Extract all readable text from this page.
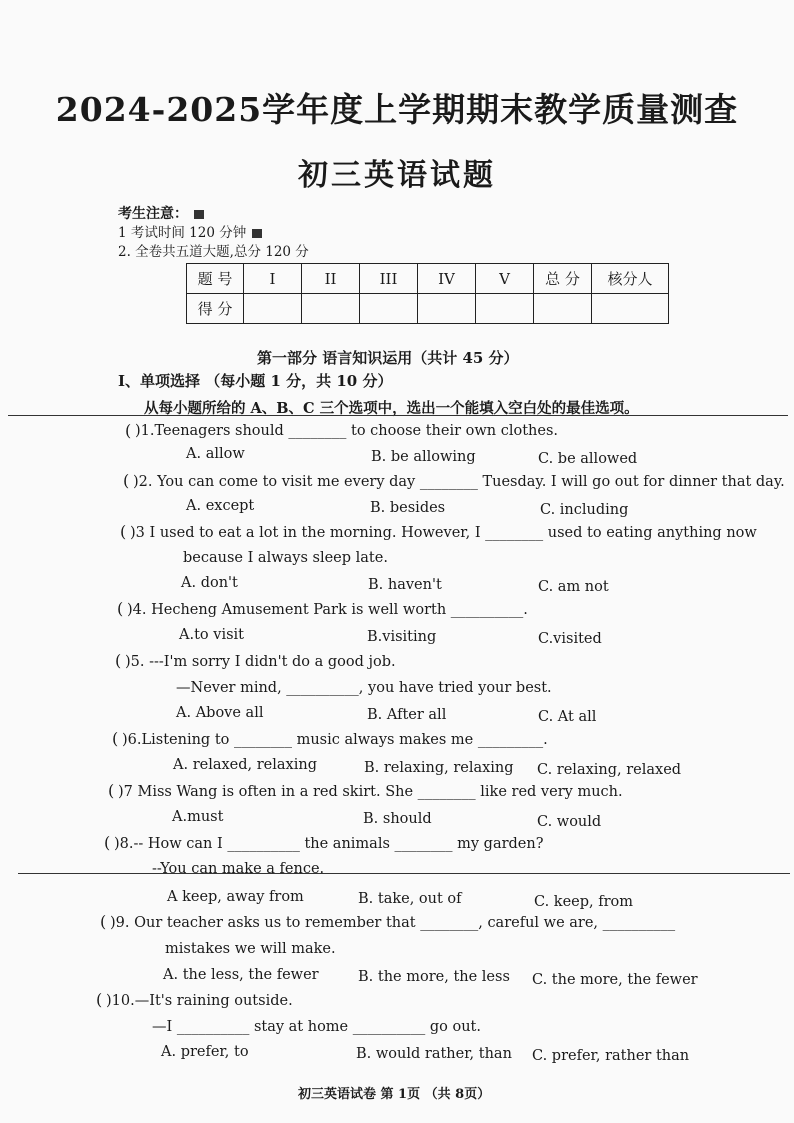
2024-2025学年度上学期期末教学质量测查
初三英语试题
考生注意：
1 考试时间 120 分钟
2. 全卷共五道大题,总分 120 分
题 号	I	II	III	IV	V	总 分	核分人
得 分							
第一部分 语言知识运用（共计 45 分）
I、单项选择 （每小题 1 分，共 10 分）
从每小题所给的 A、B、C 三个选项中，选出一个能填入空白处的最佳选项。
( )1.Teenagers should ________ to choose their own clothes.
A. allow	B. be allowing	C. be allowed
( )2. You can come to visit me every day ________ Tuesday. I will go out for dinner that day.
A. except	B. besides	C. including
( )3 I used to eat a lot in the morning. However, I ________ used to eating anything now
because I always sleep late.
A. don't	B. haven't	C. am not
( )4. Hecheng Amusement Park is well worth __________.
A.to visit	B.visiting	C.visited
( )5. ---I'm sorry I didn't do a good job.
—Never mind, __________, you have tried your best.
A. Above all	B. After all	C. At all
( )6.Listening to ________ music always makes me _________.
A. relaxed, relaxing	B. relaxing, relaxing C. relaxing, relaxed
( )7 Miss Wang is often in a red skirt. She ________ like red very much.
A.must	B. should	C. would
( )8.-- How can I __________ the animals ________ my garden?
--You can make a fence.
A keep, away from	B. take, out of	C. keep, from
( )9. Our teacher asks us to remember that ________, careful we are, __________
mistakes we will make.
A. the less, the fewer	B. the more, the less C. the more, the fewer
( )10.—It's raining outside.
—I __________ stay at home __________ go out.
A. prefer, to	B. would rather, than C. prefer, rather than
初三英语试卷 第 1页 （共 8页）
